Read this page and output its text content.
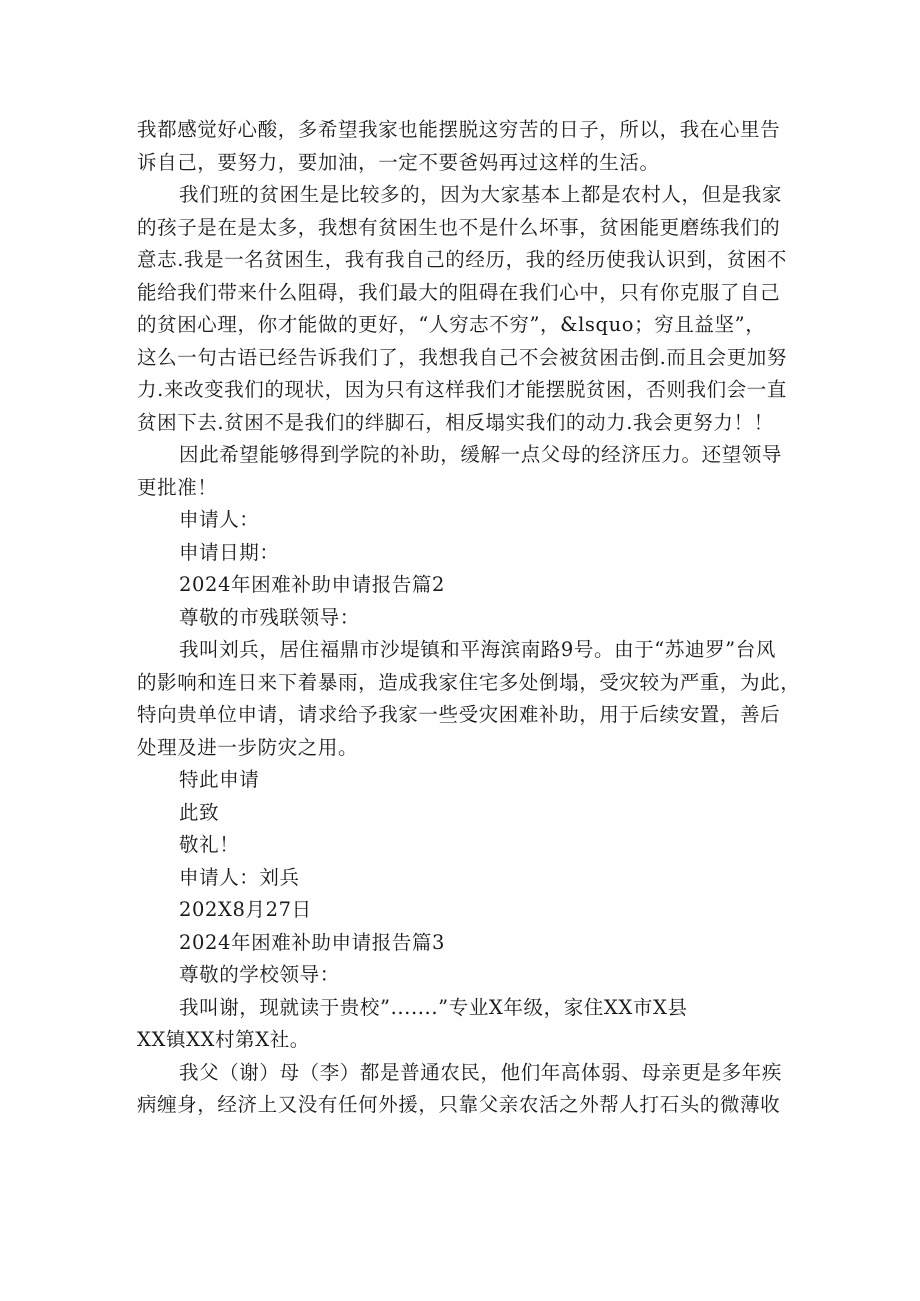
我都感觉好心酸，多希望我家也能摆脱这穷苦的日子，所以，我在心里告
诉自己，要努力，要加油，一定不要爸妈再过这样的生活。
我们班的贫困生是比较多的，因为大家基本上都是农村人，但是我家
的孩子是在是太多，我想有贫困生也不是什么坏事，贫困能更磨练我们的
意志.我是一名贫困生，我有我自己的经历，我的经历使我认识到，贫困不
能给我们带来什么阻碍，我们最大的阻碍在我们心中，只有你克服了自己
的贫困心理，你才能做的更好，“人穷志不穷”，&lsquo；穷且益坚”，
这么一句古语已经告诉我们了，我想我自己不会被贫困击倒.而且会更加努
力.来改变我们的现状，因为只有这样我们才能摆脱贫困，否则我们会一直
贫困下去.贫困不是我们的绊脚石，相反塌实我们的动力.我会更努力！！
因此希望能够得到学院的补助，缓解一点父母的经济压力。还望领导
更批准！
申请人：
申请日期：
2024年困难补助申请报告篇2
尊敬的市残联领导：
我叫刘兵，居住福鼎市沙堤镇和平海滨南路9号。由于“苏迪罗”台风
的影响和连日来下着暴雨，造成我家住宅多处倒塌，受灾较为严重，为此，
特向贵单位申请，请求给予我家一些受灾困难补助，用于后续安置，善后
处理及进一步防灾之用。
特此申请
此致
敬礼！
申请人：刘兵
202X8月27日
2024年困难补助申请报告篇3
尊敬的学校领导：
我叫谢，现就读于贵校”.......”专业X年级，家住XX市X县
XX镇XX村第X社。
我父（谢）母（李）都是普通农民，他们年高体弱、母亲更是多年疾
病缠身，经济上又没有任何外援，只靠父亲农活之外帮人打石头的微薄收
